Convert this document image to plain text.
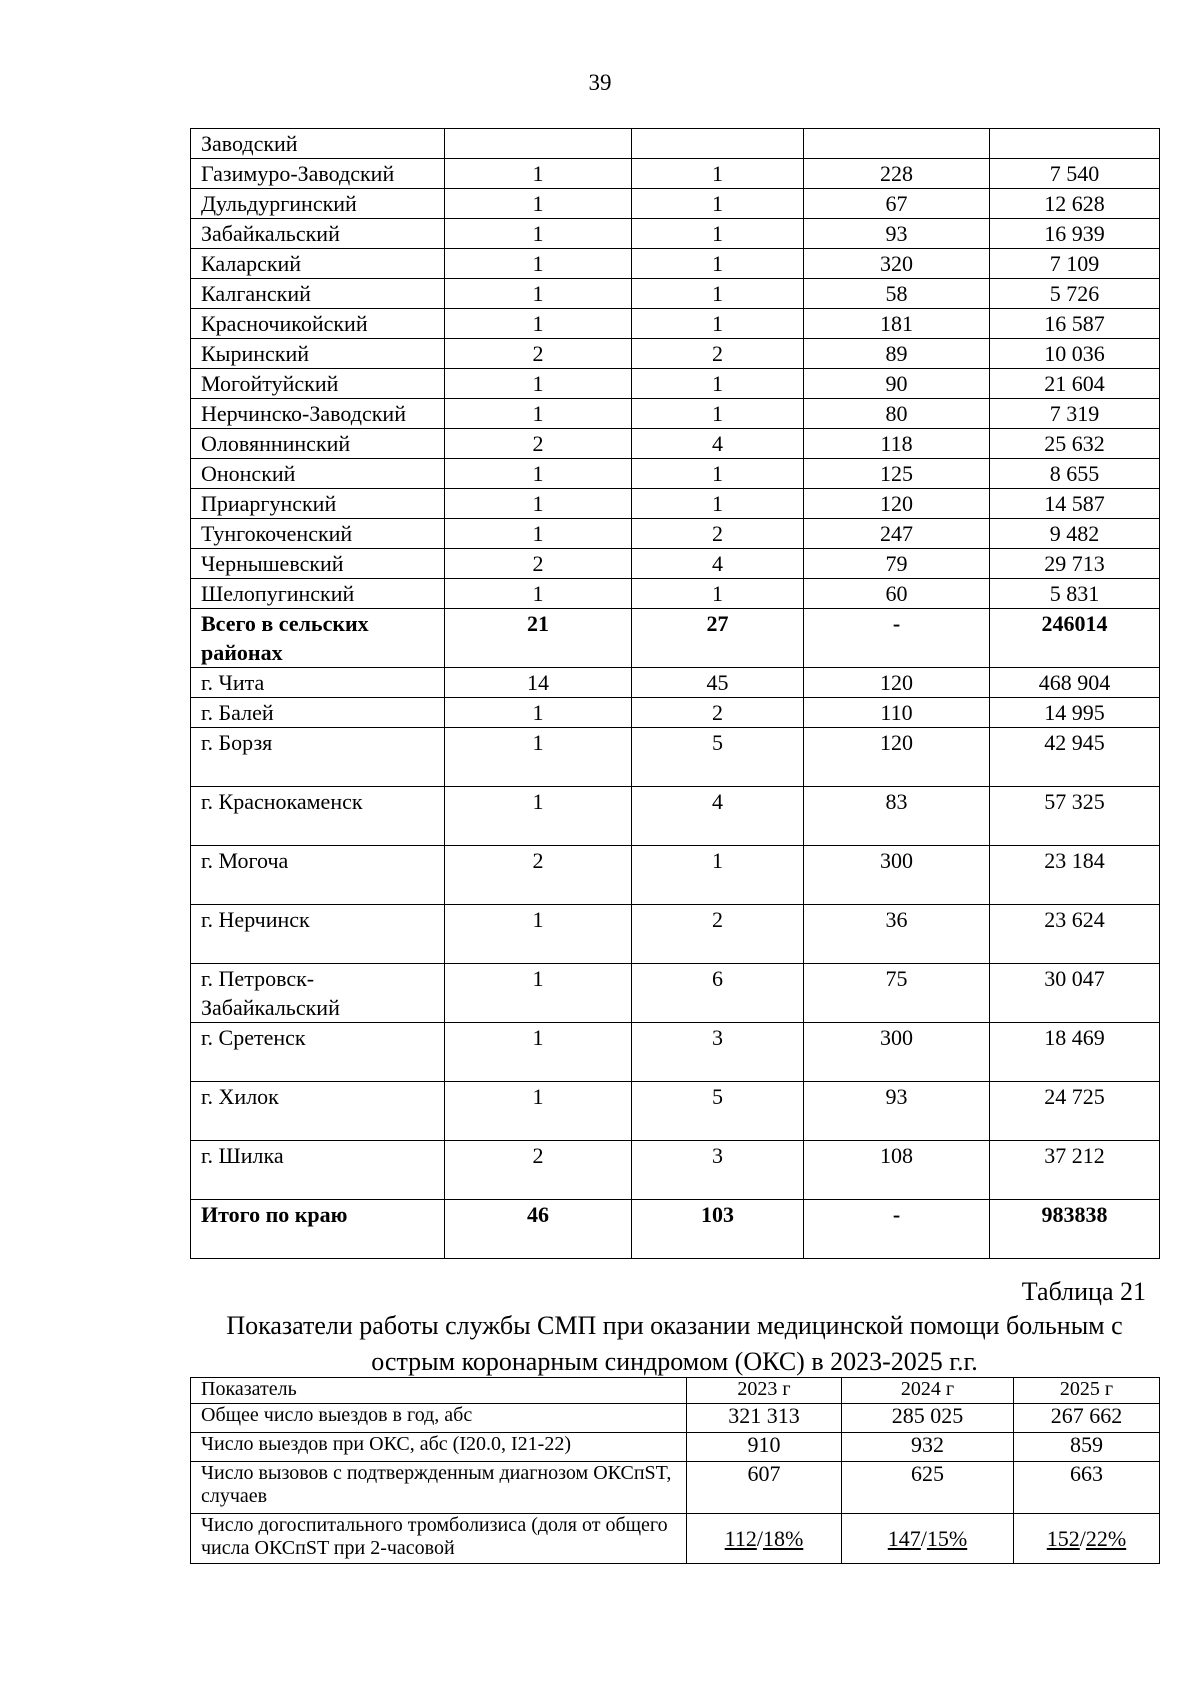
39
Заводский				
Газимуро-Заводский	1	1	228	7 540
Дульдургинский	1	1	67	12 628
Забайкальский	1	1	93	16 939
Каларский	1	1	320	7 109
Калганский	1	1	58	5 726
Красночикойский	1	1	181	16 587
Кыринский	2	2	89	10 036
Могойтуйский	1	1	90	21 604
Нерчинско-Заводский	1	1	80	7 319
Оловяннинский	2	4	118	25 632
Ононский	1	1	125	8 655
Приаргунский	1	1	120	14 587
Тунгокоченский	1	2	247	9 482
Чернышевский	2	4	79	29 713
Шелопугинский	1	1	60	5 831
Всего в сельских районах	21	27	-	246014
г. Чита	14	45	120	468 904
г. Балей	1	2	110	14 995
г. Борзя	1	5	120	42 945
г. Краснокаменск	1	4	83	57 325
г. Могоча	2	1	300	23 184
г. Нерчинск	1	2	36	23 624
г. Петровск-Забайкальский	1	6	75	30 047
г. Сретенск	1	3	300	18 469
г. Хилок	1	5	93	24 725
г. Шилка	2	3	108	37 212
Итого по краю	46	103	-	983838
Таблица 21
Показатели работы службы СМП при оказании медицинской помощи больным с острым коронарным синдромом (ОКС) в 2023-2025 г.г.
Показатель	2023 г	2024 г	2025 г
Общее число выездов в год, абс	321 313	285 025	267 662
Число выездов при ОКС, абс (I20.0, I21-22)	910	932	859
Число вызовов с подтвержденным диагнозом ОКСпST, случаев	607	625	663
Число догоспитального тромболизиса (доля от общего числа ОКСпST при 2-часовой	112/18%	147/15%	152/22%
